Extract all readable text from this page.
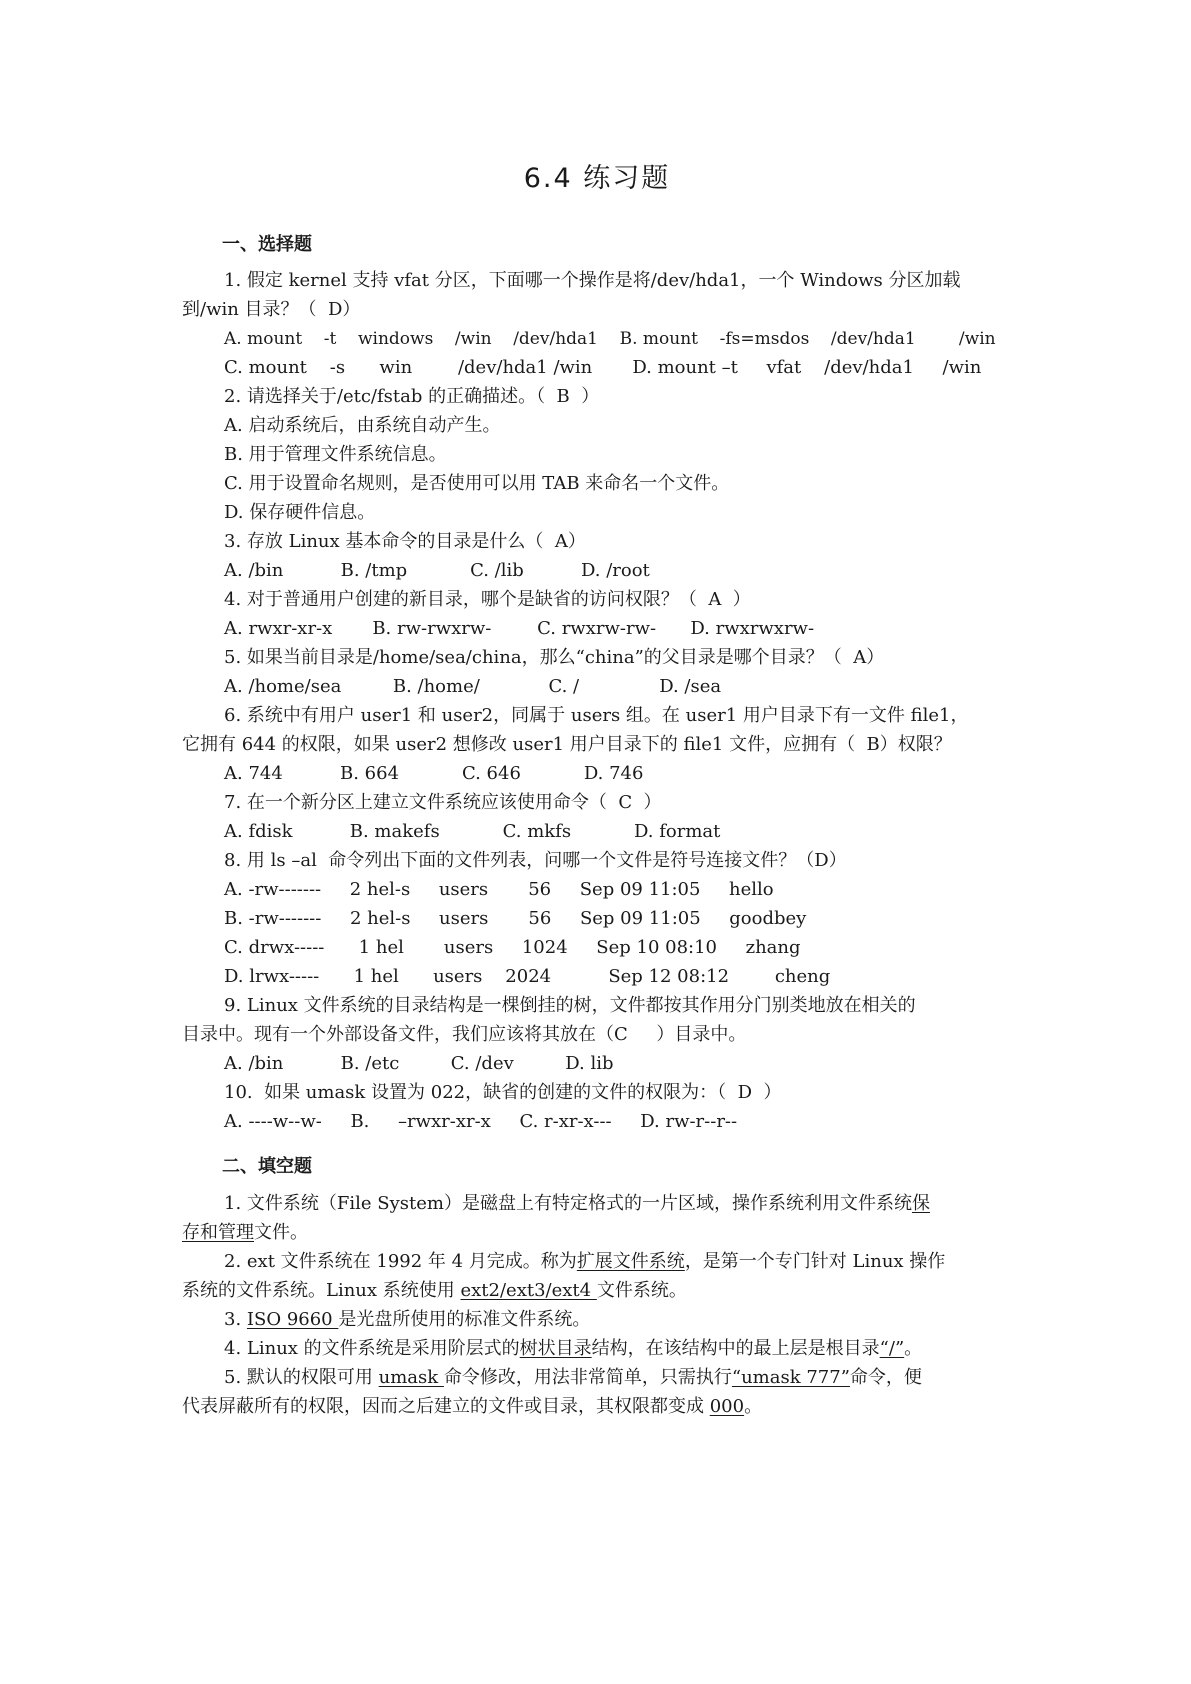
6.4 练习题
一、选择题
1. 假定 kernel 支持 vfat 分区，下面哪一个操作是将/dev/hda1，一个 Windows 分区加载
到/win 目录？（  D）
A. mount    -t    windows    /win    /dev/hda1    B. mount    -fs=msdos    /dev/hda1        /win
C. mount    -s      win        /dev/hda1 /win       D. mount –t     vfat    /dev/hda1     /win
2. 请选择关于/etc/fstab 的正确描述。（  B  ）
A. 启动系统后，由系统自动产生。
B. 用于管理文件系统信息。
C. 用于设置命名规则，是否使用可以用 TAB 来命名一个文件。
D. 保存硬件信息。
3. 存放 Linux 基本命令的目录是什么（  A）
A. /bin          B. /tmp           C. /lib          D. /root
4. 对于普通用户创建的新目录，哪个是缺省的访问权限？（  A  ）
A. rwxr-xr-x       B. rw-rwxrw-        C. rwxrw-rw-      D. rwxrwxrw-
5. 如果当前目录是/home/sea/china，那么“china”的父目录是哪个目录？（  A）
A. /home/sea         B. /home/            C. /              D. /sea
6. 系统中有用户 user1 和 user2，同属于 users 组。在 user1 用户目录下有一文件 file1，
它拥有 644 的权限，如果 user2 想修改 user1 用户目录下的 file1 文件，应拥有（  B）权限？
A. 744          B. 664           C. 646           D. 746
7. 在一个新分区上建立文件系统应该使用命令（  C  ）
A. fdisk          B. makefs           C. mkfs           D. format
8. 用 ls –al  命令列出下面的文件列表，问哪一个文件是符号连接文件？（D）
A. -rw-------     2 hel-s     users       56     Sep 09 11:05     hello
B. -rw-------     2 hel-s     users       56     Sep 09 11:05     goodbey
C. drwx-----      1 hel       users     1024     Sep 10 08:10     zhang
D. lrwx-----      1 hel      users    2024          Sep 12 08:12        cheng
9. Linux 文件系统的目录结构是一棵倒挂的树，文件都按其作用分门别类地放在相关的
目录中。现有一个外部设备文件，我们应该将其放在（C     ）目录中。
A. /bin          B. /etc         C. /dev         D. lib
10.  如果 umask 设置为 022，缺省的创建的文件的权限为：（  D  ）
A. ----w--w-     B.     –rwxr-xr-x     C. r-xr-x---     D. rw-r--r--
二、填空题
1. 文件系统（File System）是磁盘上有特定格式的一片区域，操作系统利用文件系统保
存和管理文件。
2. ext 文件系统在 1992 年 4 月完成。称为扩展文件系统，是第一个专门针对 Linux 操作
系统的文件系统。Linux 系统使用 ext2/ext3/ext4 文件系统。
3. ISO 9660 是光盘所使用的标准文件系统。
4. Linux 的文件系统是采用阶层式的树状目录结构，在该结构中的最上层是根目录“/”。
5. 默认的权限可用 umask 命令修改，用法非常简单，只需执行“umask 777”命令，便
代表屏蔽所有的权限，因而之后建立的文件或目录，其权限都变成 000。
